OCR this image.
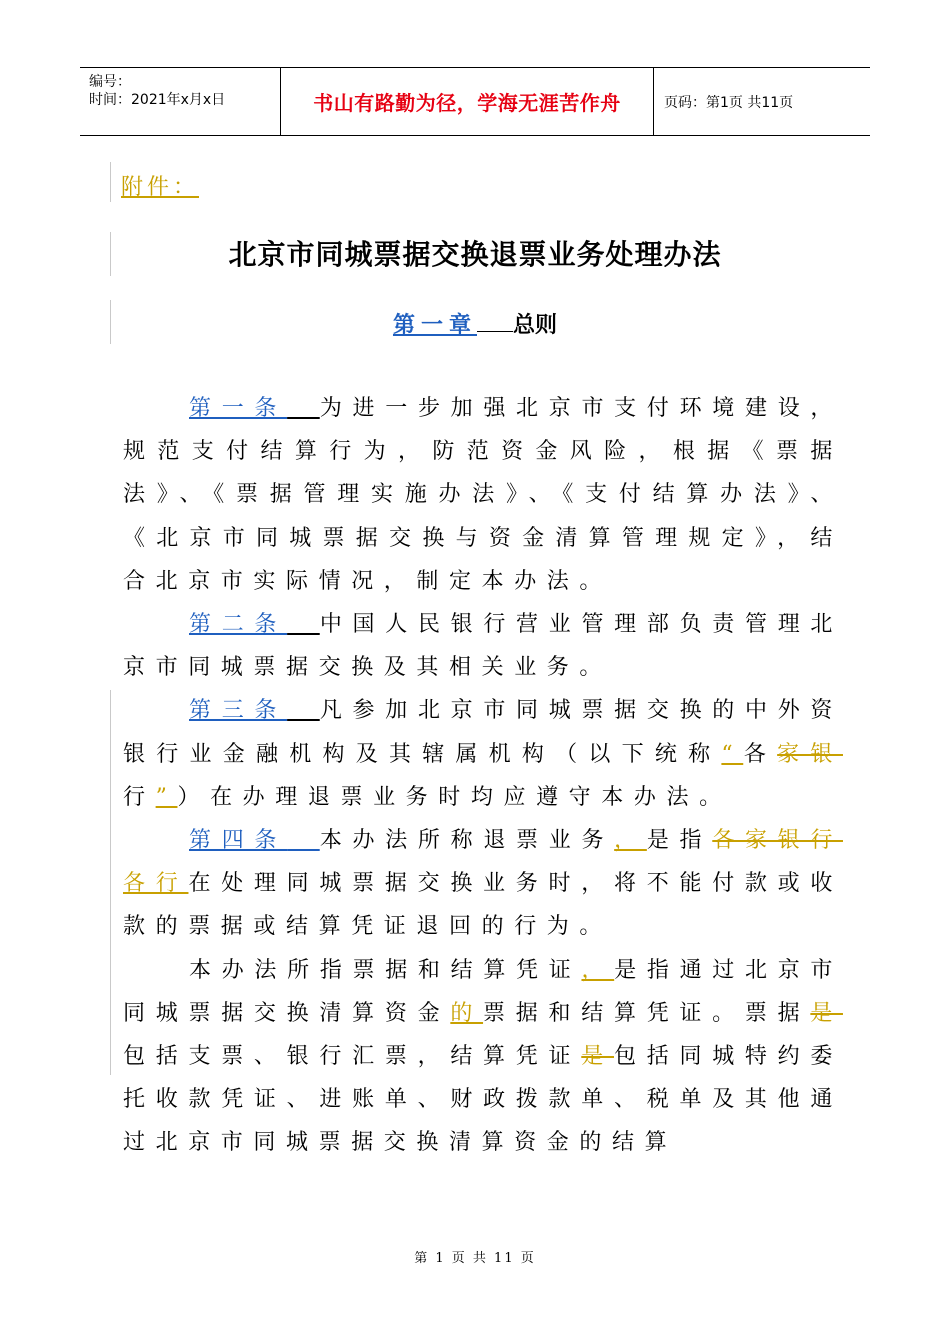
编号：
时间：2021年x月x日	书山有路勤为径，学海无涯苦作舟	页码：第1页 共11页
附件：
北京市同城票据交换退票业务处理办法
第一章 总则

第一条  为进一步加强北京市支付环境建设，规范支付结算行为，防范资金风险，根据《票据法》、《票据管理实施办法》、《支付结算办法》、《北京市同城票据交换与资金清算管理规定》，结合北京市实际情况，制定本办法。

第二条  中国人民银行营业管理部负责管理北京市同城票据交换及其相关业务。

第三条  凡参加北京市同城票据交换的中外资银行业金融机构及其辖属机构（以下统称“各家银行”）在办理退票业务时均应遵守本办法。

第四条  本办法所称退票业务，是指各家银行各行在处理同城票据交换业务时，将不能付款或收款的票据或结算凭证退回的行为。

本办法所指票据和结算凭证，是指通过北京市同城票据交换清算资金的票据和结算凭证。票据是包括支票、银行汇票，结算凭证是包括同城特约委托收款凭证、进账单、财政拨款单、税单及其他通过北京市同城票据交换清算资金的结算

第 1 页 共 11 页
